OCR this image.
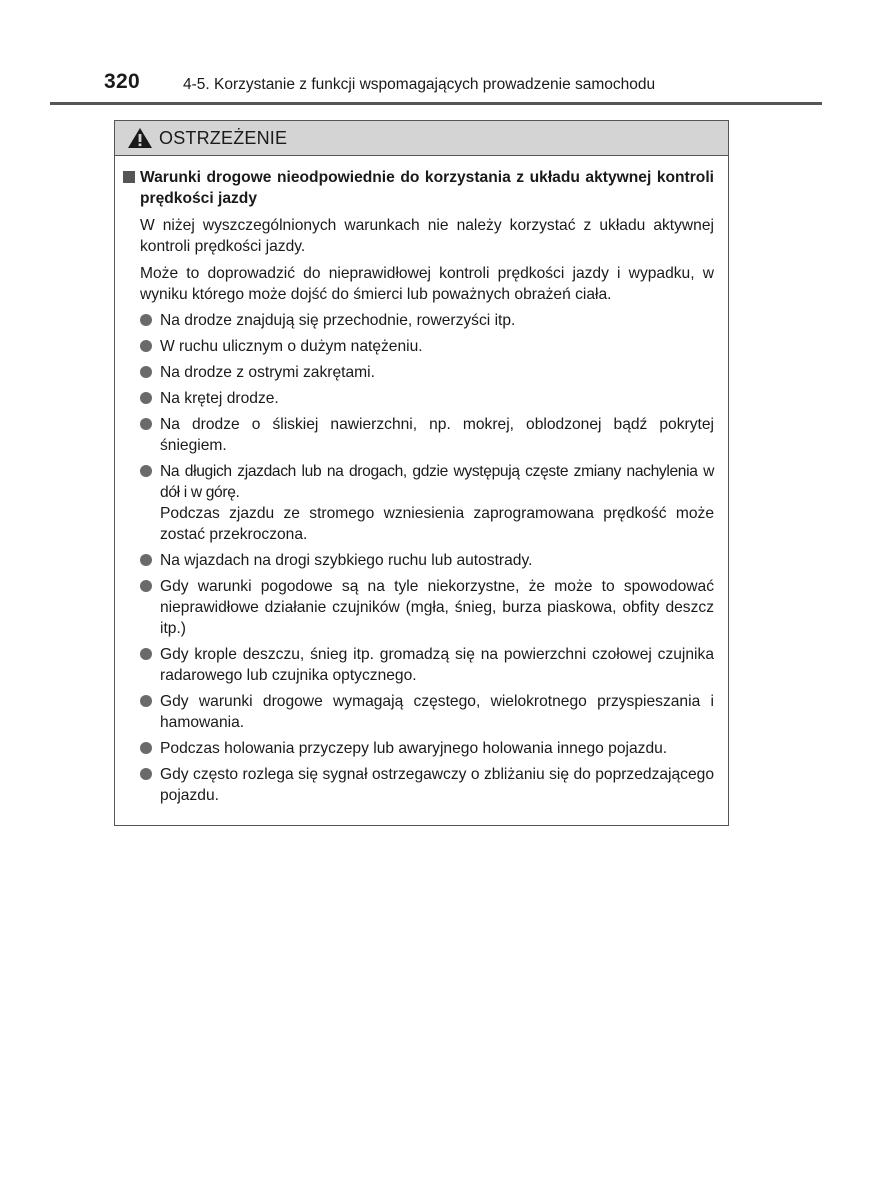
320	4-5. Korzystanie z funkcji wspomagających prowadzenie samochodu
OSTRZEŻENIE
Warunki drogowe nieodpowiednie do korzystania z układu aktywnej kontroli prędkości jazdy
W niżej wyszczególnionych warunkach nie należy korzystać z układu aktywnej kontroli prędkości jazdy.
Może to doprowadzić do nieprawidłowej kontroli prędkości jazdy i wypadku, w wyniku którego może dojść do śmierci lub poważnych obrażeń ciała.
Na drodze znajdują się przechodnie, rowerzyści itp.
W ruchu ulicznym o dużym natężeniu.
Na drodze z ostrymi zakrętami.
Na krętej drodze.
Na drodze o śliskiej nawierzchni, np. mokrej, oblodzonej bądź pokrytej śniegiem.
Na długich zjazdach lub na drogach, gdzie występują częste zmiany nachylenia w dół i w górę.
Podczas zjazdu ze stromego wzniesienia zaprogramowana prędkość może zostać przekroczona.
Na wjazdach na drogi szybkiego ruchu lub autostrady.
Gdy warunki pogodowe są na tyle niekorzystne, że może to spowodować nieprawidłowe działanie czujników (mgła, śnieg, burza piaskowa, obfity deszcz itp.)
Gdy krople deszczu, śnieg itp. gromadzą się na powierzchni czołowej czujnika radarowego lub czujnika optycznego.
Gdy warunki drogowe wymagają częstego, wielokrotnego przyspieszania i hamowania.
Podczas holowania przyczepy lub awaryjnego holowania innego pojazdu.
Gdy często rozlega się sygnał ostrzegawczy o zbliżaniu się do poprzedzającego pojazdu.
